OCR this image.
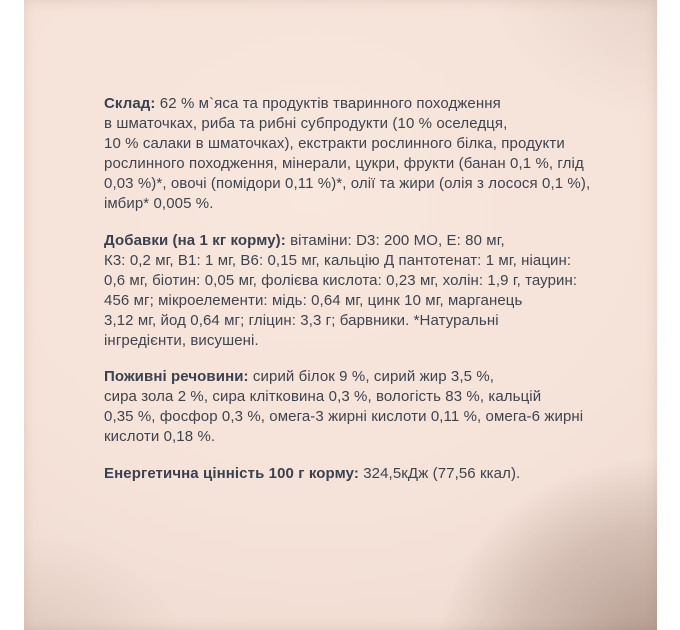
Склад: 62 % м`яса та продуктів тваринного походження
в шматочках, риба та рибні субпродукти (10 % оселедця,
10 % салаки в шматочках), екстракти рослинного білка, продукти
рослинного походження, мінерали, цукри, фрукти (банан 0,1 %, глід
0,03 %)*, овочі (помідори 0,11 %)*, олії та жири (олія з лосося 0,1 %),
імбир* 0,005 %.
Добавки (на 1 кг корму): вітаміни: D3: 200 МО, Е: 80 мг,
К3: 0,2 мг, В1: 1 мг, В6: 0,15 мг, кальцію Д пантотенат: 1 мг, ніацин:
0,6 мг, біотин: 0,05 мг, фолієва кислота: 0,23 мг, холін: 1,9 г, таурин:
456 мг; мікроелементи: мідь: 0,64 мг, цинк 10 мг, марганець
3,12 мг, йод 0,64 мг; гліцин: 3,3 г; барвники. *Натуральні
інгредієнти, висушені.
Поживні речовини: сирий білок 9 %, сирий жир 3,5 %,
сира зола 2 %, сира клітковина 0,3 %, вологість 83 %, кальцій
0,35 %, фосфор 0,3 %, омега-3 жирні кислоти 0,11 %, омега-6 жирні
кислоти 0,18 %.
Енергетична цінність 100 г корму: 324,5кДж (77,56 ккал).
